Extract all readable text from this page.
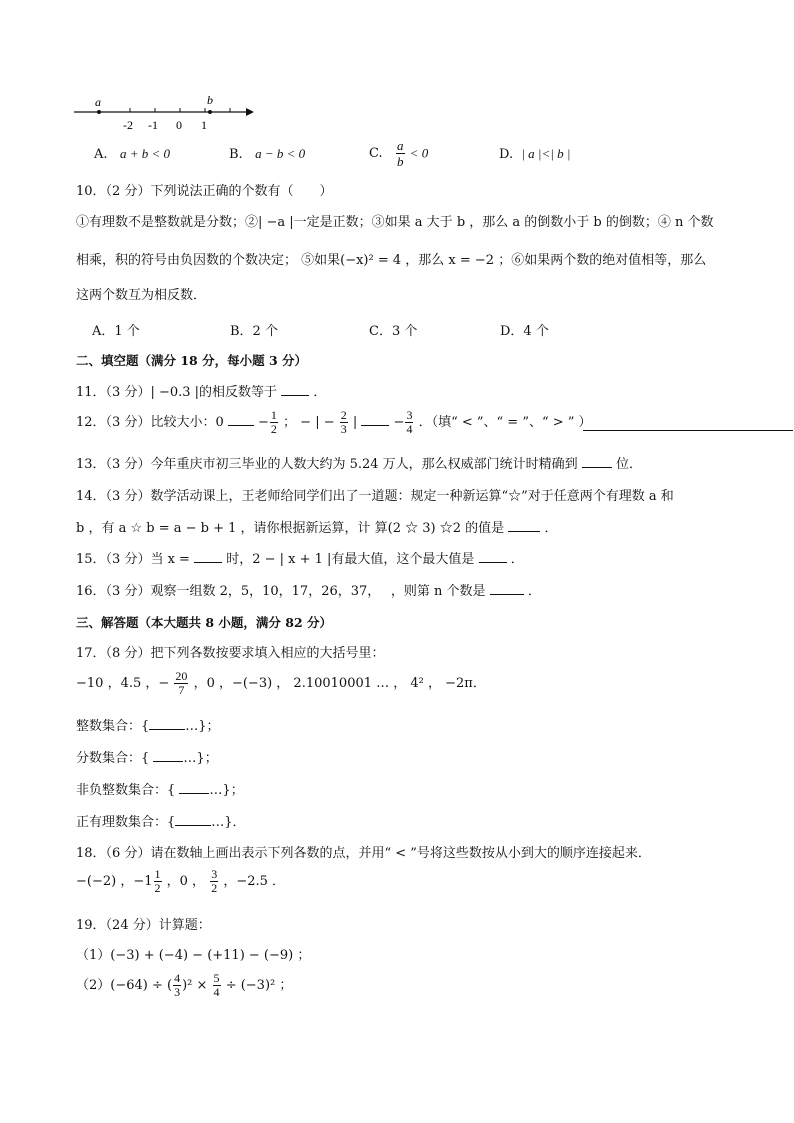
a	b
-2 -1 0 1
A. a + b < 0	B. a − b < 0	C. $\frac{a}{b} < 0$	D. | a |<| b |
10．（2 分）下列说法正确的个数有（　　）
①有理数不是整数就是分数；②| −a |一定是正数；③如果 a 大于 b ，那么 a 的倒数小于 b 的倒数；④ n 个数
相乘，积的符号由负因数的个数决定； ⑤如果(−x)² = 4 ，那么 x = −2 ；⑥如果两个数的绝对值相等，那么
这两个数互为相反数．
A．1 个	B．2 个	C．3 个	D．4 个
二、填空题（满分 18 分，每小题 3 分）
11．（3 分）| −0.3 |的相反数等于	．
12．（3 分）比较大小：$0 - \frac{1}{2}$ ； − | − $\frac{2}{3}$ |  − $\frac{3}{4}$ ．（填“ < ”、“ = ”、“ > ” ）
13．（3 分）今年重庆市初三毕业的人数大约为 5.24 万人，那么权威部门统计时精确到	位．
14．（3 分）数学活动课上，王老师给同学们出了一道题：规定一种新运算“☆”对于任意两个有理数 a 和
b ，有 a ☆ b = a − b + 1 ，请你根据新运算，计 算(2 ☆ 3) ☆2 的值是	．
15．（3 分）当 x =	时，2 − | x + 1 |有最大值，这个最大值是	．
16．（3 分）观察一组数 2，5，10，17，26，37，　 ，则第 n 个数是	．
三、解答题（本大题共 8 小题，满分 82 分）
17．（8 分）把下列各数按要求填入相应的大括号里：
−10 ，4.5 ，− $\frac{20}{7}$ ，0 ，−(−3) ， 2.10010001 … ， 4² ， −2π．
整数集合：{	…}；
分数集合：{	…}；
非负整数集合：{	…}；
正有理数集合：{	…}．
18．（6 分）请在数轴上画出表示下列各数的点，并用“ < ”号将这些数按从小到大的顺序连接起来．
−(−2) ，$-1 \frac{1}{2}$ ，0 ， $\frac{3}{2}$ ，−2.5 ．
19．（24 分）计算题：
（1）(−3) + (−4) − (+11) − (−9) ；
（2）(−64) ÷ ( $\frac{4}{3} )^2 \times \frac{5}{4} \div (-3)^2$ ；
